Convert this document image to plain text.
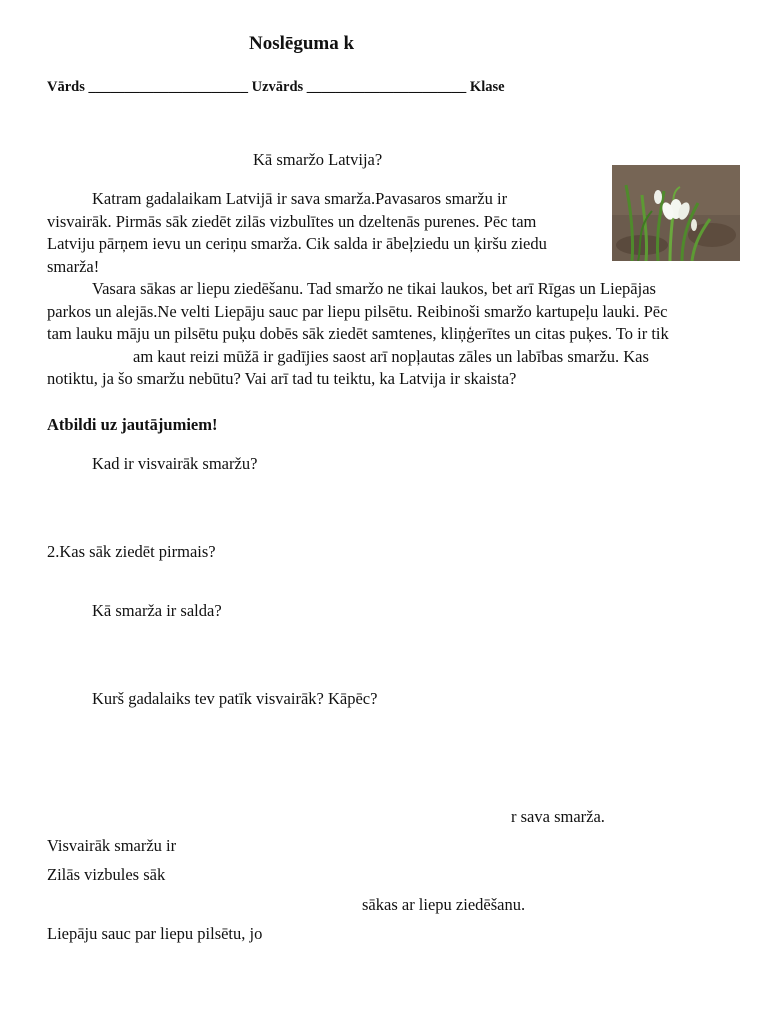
Noslēguma k
Vārds ______________________ Uzvārds ______________________ Klase
Kā smaržo Latvija?
Katram gadalaikam Latvijā ir sava smarža.Pavasaros smaržu ir
visvairāk. Pirmās sāk ziedēt zilās vizbulītes un dzeltenās purenes. Pēc tam
Latviju pārņem ievu un ceriņu smarža. Cik salda ir ābeļziedu un ķiršu ziedu
smarža!
Vasara sākas ar liepu ziedēšanu. Tad smaržo ne tikai laukos, bet arī Rīgas un Liepājas
parkos un alejās.Ne velti Liepāju sauc par liepu pilsētu. Reibinoši smaržo kartupeļu lauki. Pēc
tam lauku māju un pilsētu puķu dobēs sāk ziedēt samtenes, kliņģerītes un citas puķes. To ir tik
am kaut reizi mūžā ir gadījies saost arī nopļautas zāles un labības smaržu. Kas
notiktu, ja šo smaržu nebūtu? Vai arī tad tu teiktu, ka Latvija ir skaista?
Atbildi uz jautājumiem!
Kad ir visvairāk smaržu?
2.Kas sāk ziedēt pirmais?
Kā smarža ir salda?
Kurš gadalaiks tev patīk visvairāk? Kāpēc?
r sava smarža.
Visvairāk smaržu ir
Zilās vizbules sāk
sākas ar liepu ziedēšanu.
Liepāju sauc par liepu pilsētu, jo
